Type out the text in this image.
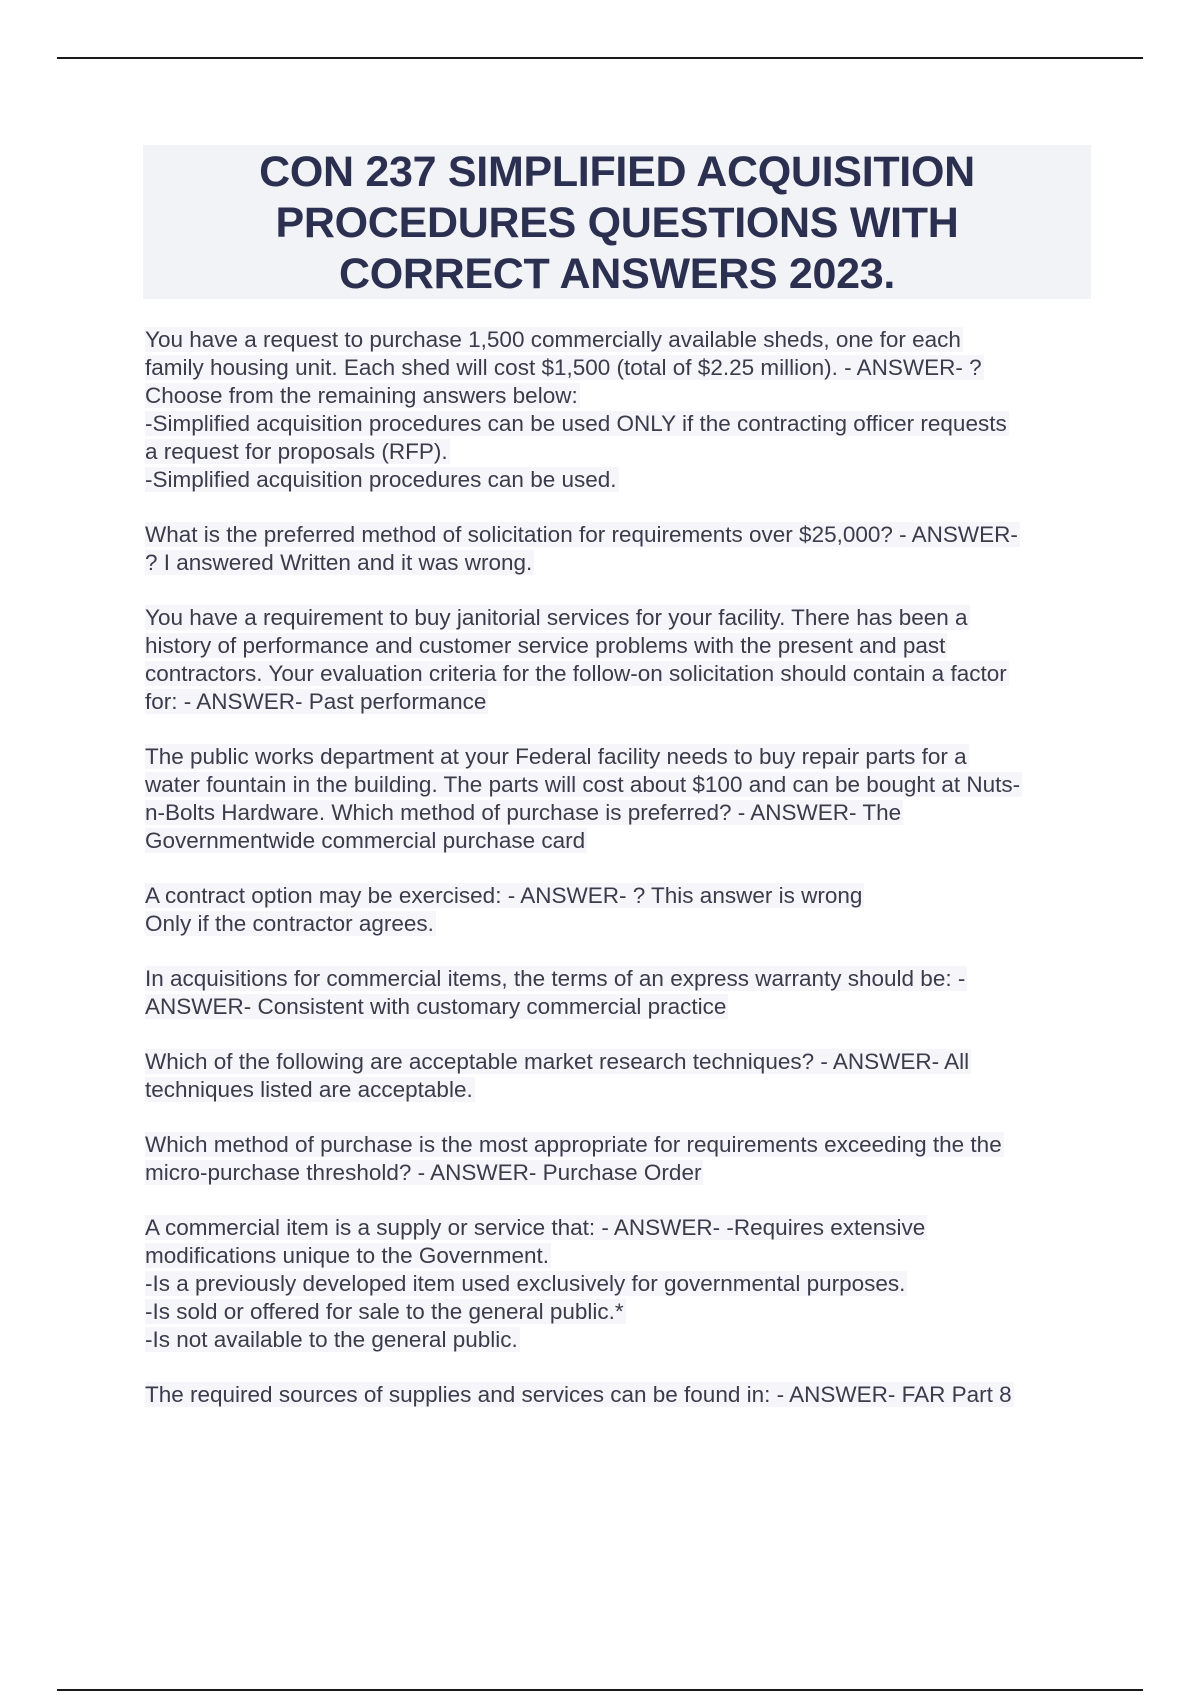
CON 237 SIMPLIFIED ACQUISITION
PROCEDURES QUESTIONS WITH
CORRECT ANSWERS 2023.
You have a request to purchase 1,500 commercially available sheds, one for each
family housing unit. Each shed will cost $1,500 (total of $2.25 million). - ANSWER- ?
Choose from the remaining answers below:
-Simplified acquisition procedures can be used ONLY if the contracting officer requests
a request for proposals (RFP).
-Simplified acquisition procedures can be used.
What is the preferred method of solicitation for requirements over $25,000? - ANSWER-
? I answered Written and it was wrong.
You have a requirement to buy janitorial services for your facility. There has been a
history of performance and customer service problems with the present and past
contractors. Your evaluation criteria for the follow-on solicitation should contain a factor
for: - ANSWER- Past performance
The public works department at your Federal facility needs to buy repair parts for a
water fountain in the building. The parts will cost about $100 and can be bought at Nuts-
n-Bolts Hardware. Which method of purchase is preferred? - ANSWER- The
Governmentwide commercial purchase card
A contract option may be exercised: - ANSWER- ? This answer is wrong
Only if the contractor agrees.
In acquisitions for commercial items, the terms of an express warranty should be: -
ANSWER- Consistent with customary commercial practice
Which of the following are acceptable market research techniques? - ANSWER- All
techniques listed are acceptable.
Which method of purchase is the most appropriate for requirements exceeding the the
micro-purchase threshold? - ANSWER- Purchase Order
A commercial item is a supply or service that: - ANSWER- -Requires extensive
modifications unique to the Government.
-Is a previously developed item used exclusively for governmental purposes.
-Is sold or offered for sale to the general public.*
-Is not available to the general public.
The required sources of supplies and services can be found in: - ANSWER- FAR Part 8
